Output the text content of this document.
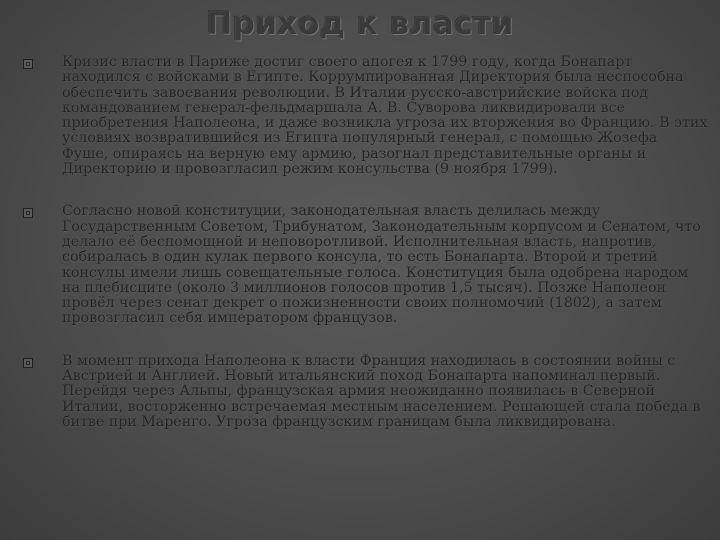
Приход к власти
Кризис власти в Париже достиг своего апогея к 1799 году, когда Бонапарт находился с войсками в Египте. Коррумпированная Директория была неспособна обеспечить завоевания революции. В Италии русско-австрийские войска под командованием генерал-фельдмаршала А. В. Суворова ликвидировали все приобретения Наполеона, и даже возникла угроза их вторжения во Францию. В этих условиях возвратившийся из Египта популярный генерал, с помощью Жозефа Фуше, опираясь на верную ему армию, разогнал представительные органы и Директорию и провозгласил режим консульства (9 ноября 1799).
Согласно новой конституции, законодательная власть делилась между Государственным Советом, Трибунатом, Законодательным корпусом и Сенатом, что делало её беспомощной и неповоротливой. Исполнительная власть, напротив, собиралась в один кулак первого консула, то есть Бонапарта. Второй и третий консулы имели лишь совещательные голоса. Конституция была одобрена народом на плебисците (около 3 миллионов голосов против 1,5 тысяч). Позже Наполеон провёл через сенат декрет о пожизненности своих полномочий (1802), а затем провозгласил себя императором французов.
В момент прихода Наполеона к власти Франция находилась в состоянии войны с Австрией и Англией. Новый итальянский поход Бонапарта напоминал первый. Перейдя через Альпы, французская армия неожиданно появилась в Северной Италии, восторженно встречаемая местным населением. Решающей стала победа в битве при Маренго. Угроза французским границам была ликвидирована.
